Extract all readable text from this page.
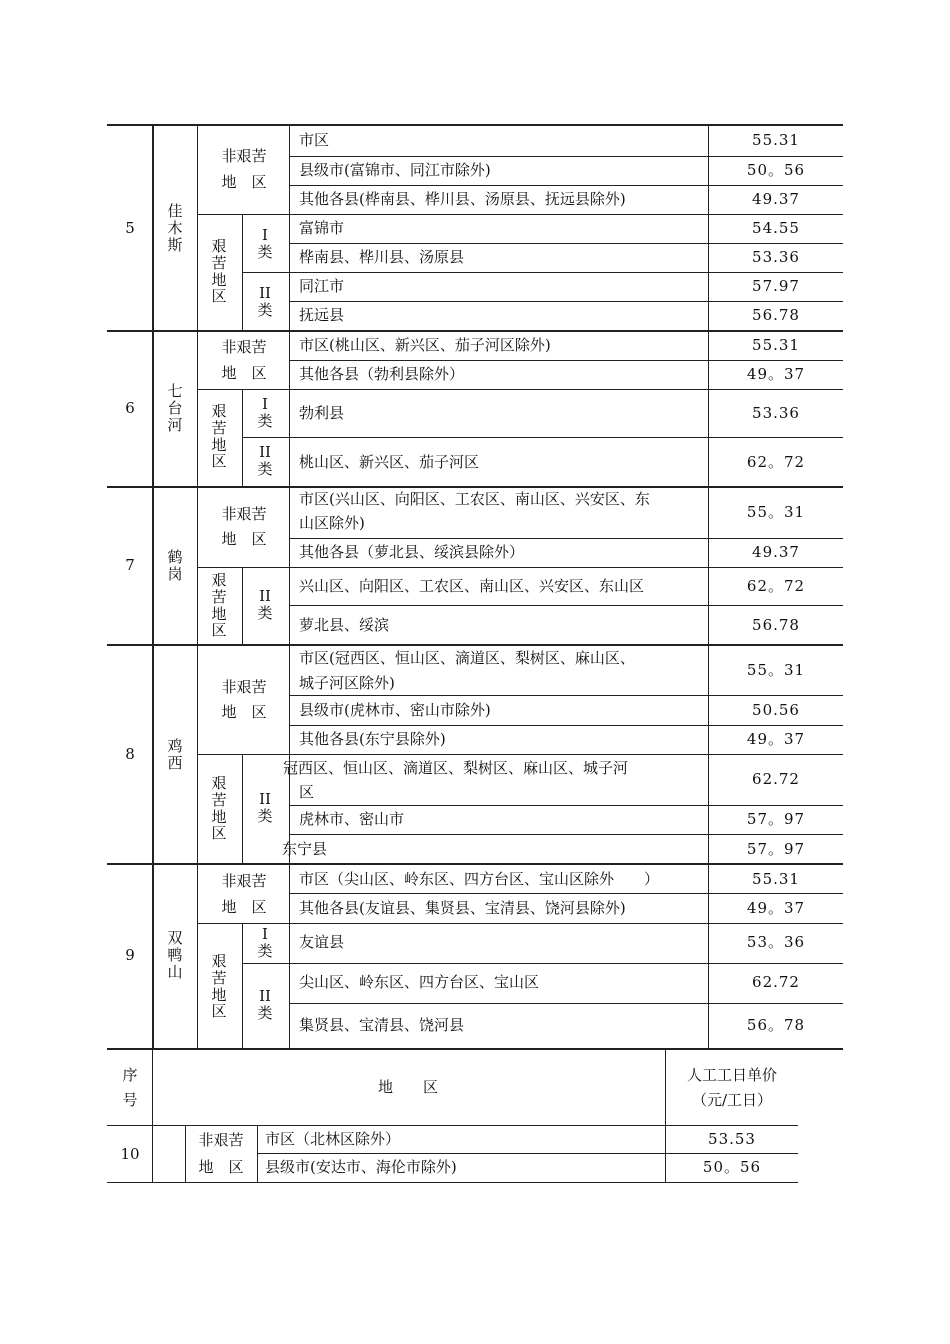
5
佳木斯
非艰苦
地　区
艰苦地区
I类
II类
市区
县级市(富锦市、同江市除外)
其他各县(桦南县、桦川县、汤原县、抚远县除外)
富锦市
桦南县、桦川县、汤原县
同江市
抚远县
55.31
50。56
49.37
54.55
53.36
57.97
56.78
6
七台河
非艰苦
地　区
艰苦地区
I类
II类
市区(桃山区、新兴区、茄子河区除外)
其他各县（勃利县除外）
勃利县
桃山区、新兴区、茄子河区
55.31
49。37
53.36
62。72
7 鹤岗
非艰苦
地　区
艰苦地区
II类
市区(兴山区、向阳区、工农区、南山区、兴安区、东
山区除外)
其他各县（萝北县、绥滨县除外）
兴山区、向阳区、工农区、南山区、兴安区、东山区
萝北县、绥滨
55。31
49.37
62。72
56.78
8 鸡西
非艰苦
地　区
艰苦地区
II类
市区(冠西区、恒山区、滴道区、梨树区、麻山区、
城子河区除外)
县级市(虎林市、密山市除外)
其他各县(东宁县除外)
冠西区、恒山区、滴道区、梨树区、麻山区、城子河
区
虎林市、密山市
东宁县
55。31
50.56
49。37
62.72
57。97
57。97
9
双鸭山
非艰苦
地　区
艰苦地区
I类
II类
市区（尖山区、岭东区、四方台区、宝山区除外　　）
其他各县(友谊县、集贤县、宝清县、饶河县除外)
友谊县
尖山区、岭东区、四方台区、宝山区
集贤县、宝清县、饶河县
55.31
49。37
53。36
62.72
56。78
序
号
地　　区
人工工日单价
（元/工日）
10
非艰苦
地　区
市区（北林区除外）
县级市(安达市、海伦市除外)
53.53
50。56
